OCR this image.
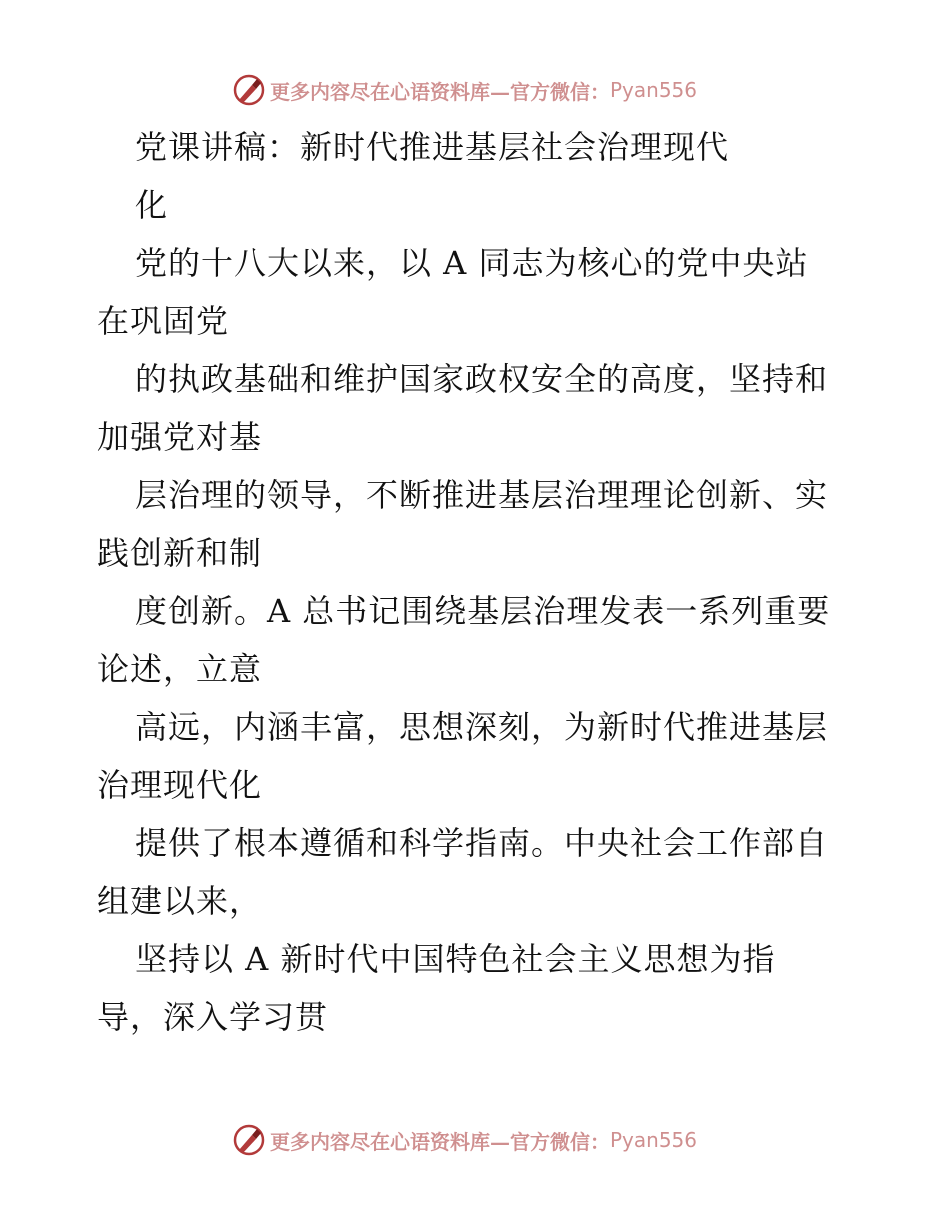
更多内容尽在心语资料库—官方微信： Pyan556
党课讲稿：新时代推进基层社会治理现代
化
党的十八大以来，以 A 同志为核心的党中央站
在巩固党
的执政基础和维护国家政权安全的高度，坚持和
加强党对基
层治理的领导，不断推进基层治理理论创新、实
践创新和制
度创新。A 总书记围绕基层治理发表一系列重要
论述，立意
高远，内涵丰富，思想深刻，为新时代推进基层
治理现代化
提供了根本遵循和科学指南。中央社会工作部自
组建以来，
坚持以 A 新时代中国特色社会主义思想为指
导，深入学习贯
更多内容尽在心语资料库—官方微信： Pyan556
